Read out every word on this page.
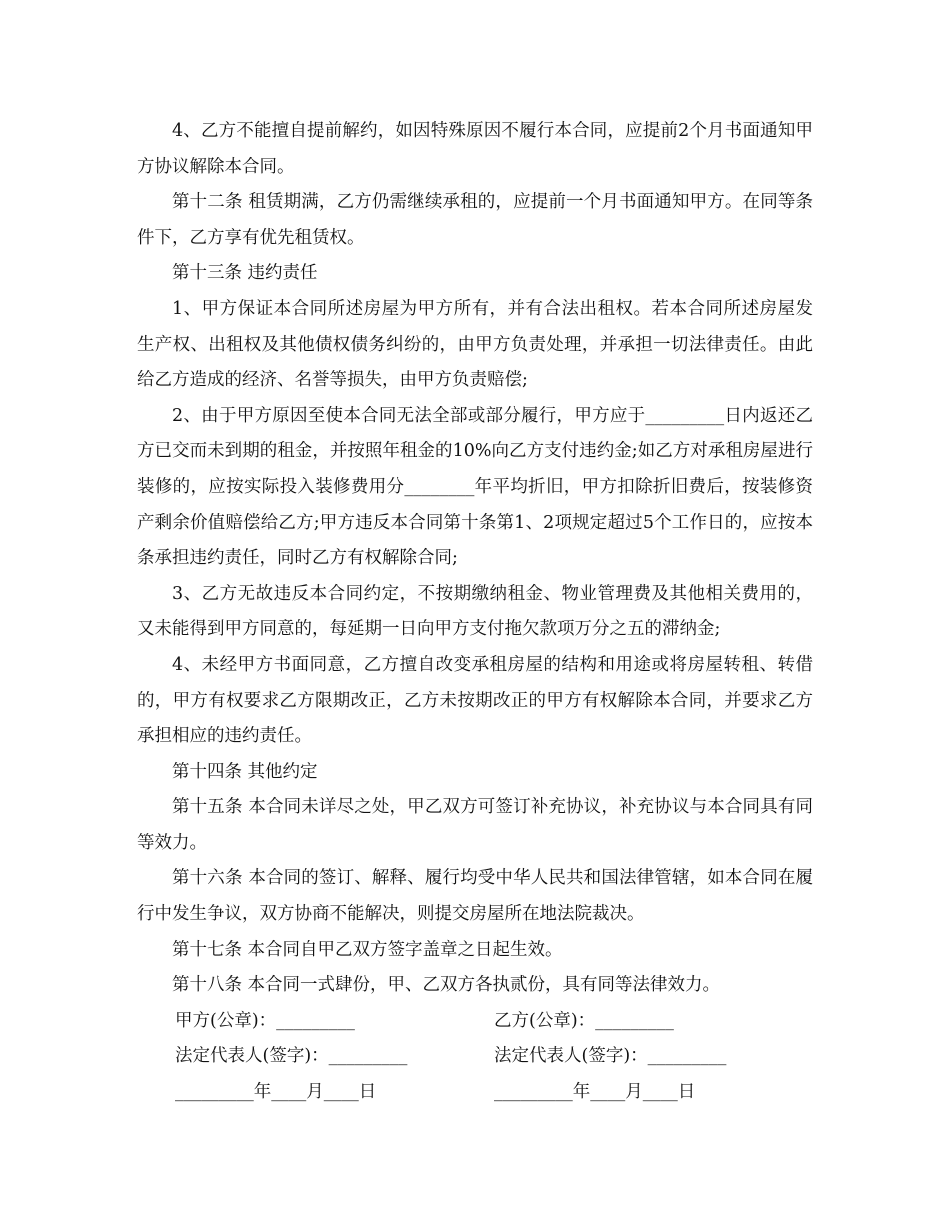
4、乙方不能擅自提前解约，如因特殊原因不履行本合同，应提前2个月书面通知甲方协议解除本合同。

第十二条 租赁期满，乙方仍需继续承租的，应提前一个月书面通知甲方。在同等条件下，乙方享有优先租赁权。

第十三条 违约责任

1、甲方保证本合同所述房屋为甲方所有，并有合法出租权。若本合同所述房屋发生产权、出租权及其他债权债务纠纷的，由甲方负责处理，并承担一切法律责任。由此给乙方造成的经济、名誉等损失，由甲方负责赔偿;

2、由于甲方原因至使本合同无法全部或部分履行，甲方应于_________日内返还乙方已交而未到期的租金，并按照年租金的10%向乙方支付违约金;如乙方对承租房屋进行装修的，应按实际投入装修费用分________年平均折旧，甲方扣除折旧费后，按装修资产剩余价值赔偿给乙方;甲方违反本合同第十条第1、2项规定超过5个工作日的，应按本条承担违约责任，同时乙方有权解除合同;

3、乙方无故违反本合同约定，不按期缴纳租金、物业管理费及其他相关费用的，又未能得到甲方同意的，每延期一日向甲方支付拖欠款项万分之五的滞纳金;

4、未经甲方书面同意，乙方擅自改变承租房屋的结构和用途或将房屋转租、转借的，甲方有权要求乙方限期改正，乙方未按期改正的甲方有权解除本合同，并要求乙方承担相应的违约责任。

第十四条 其他约定

第十五条 本合同未详尽之处，甲乙双方可签订补充协议，补充协议与本合同具有同等效力。

第十六条 本合同的签订、解释、履行均受中华人民共和国法律管辖，如本合同在履行中发生争议，双方协商不能解决，则提交房屋所在地法院裁决。

第十七条 本合同自甲乙双方签字盖章之日起生效。

第十八条 本合同一式肆份，甲、乙双方各执贰份，具有同等法律效力。

甲方(公章)：_________	乙方(公章)：_________
法定代表人(签字)：_________	法定代表人(签字)：_________
_________年____月____日	_________年____月____日
